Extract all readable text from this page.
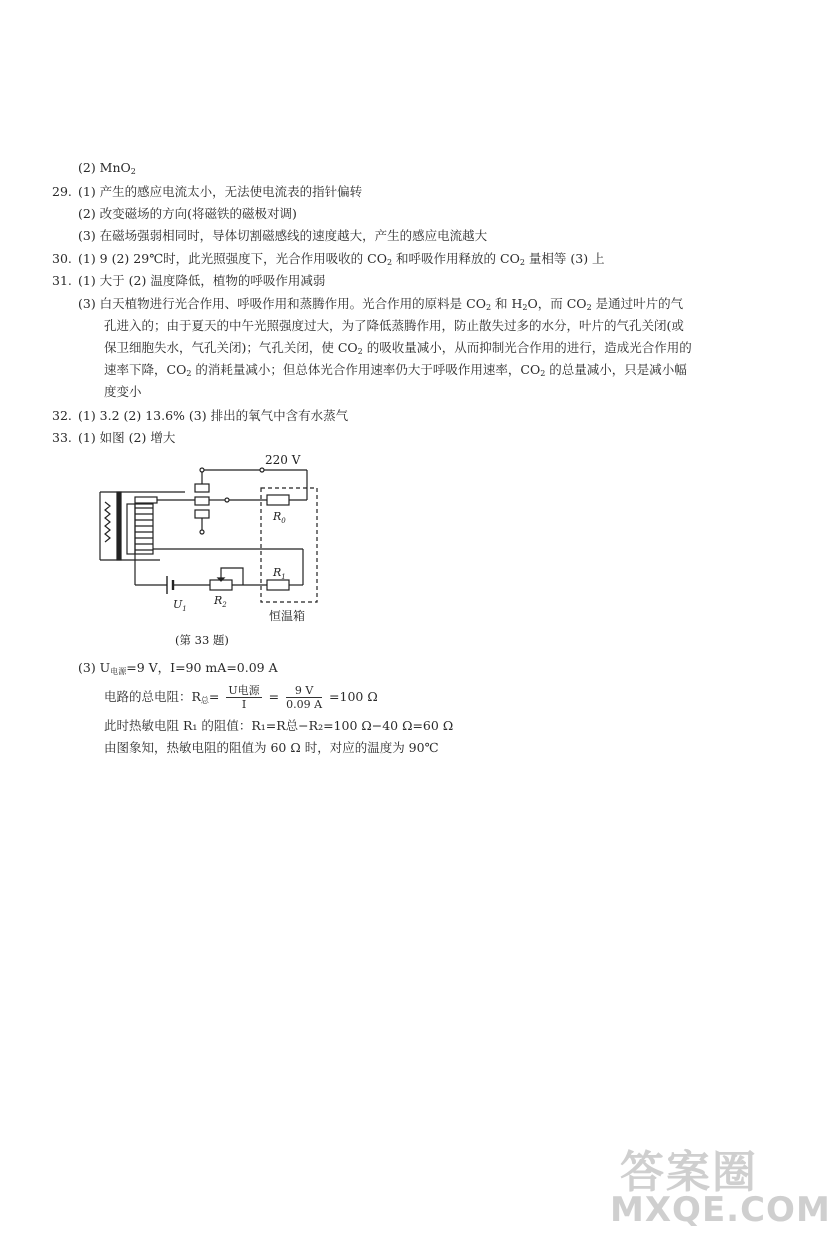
(2) MnO$_2$
29. (1) 产生的感应电流太小，无法使电流表的指针偏转
(2) 改变磁场的方向(将磁铁的磁极对调)
(3) 在磁场强弱相同时，导体切割磁感线的速度越大，产生的感应电流越大
30. (1) 9 (2) 29℃时，此光照强度下，光合作用吸收的 $CO_2$ 和呼吸作用释放的 $CO_2$ 量相等 (3) 上
31. (1) 大于 (2) 温度降低，植物的呼吸作用减弱
(3) 白天植物进行光合作用、呼吸作用和蒸腾作用。光合作用的原料是 $CO_2$ 和 $H_2O$，而 $CO_2$ 是通过叶片的气
孔进入的；由于夏天的中午光照强度过大，为了降低蒸腾作用，防止散失过多的水分，叶片的气孔关闭(或
保卫细胞失水，气孔关闭)；气孔关闭，使 $CO_2$ 的吸收量减小，从而抑制光合作用的进行，造成光合作用的
速率下降，$CO_2$ 的消耗量减小；但总体光合作用速率仍大于呼吸作用速率，$CO_2$ 的总量减小，只是减小幅
度变小
32. (1) 3.2 (2) 13.6% (3) 排出的氧气中含有水蒸气
33. (1) 如图 (2) 增大
220 V
$R_0$
$R_1$
$R_2$
$U_1$	恒温箱
(第 33 题)
(3) $U_{电源}=9$ V，I=90 mA=0.09 A
电路的总电阻：$R_总= \frac{\text{U电源}}{I} = \frac{9 V}{0.09 A} =100$ Ω
此时热敏电阻 R₁ 的阻值：R₁=R总−R₂=100 Ω−40 Ω=60 Ω
由图象知，热敏电阻的阻值为 60 Ω 时，对应的温度为 90℃
答案圈
MXQE.COM
